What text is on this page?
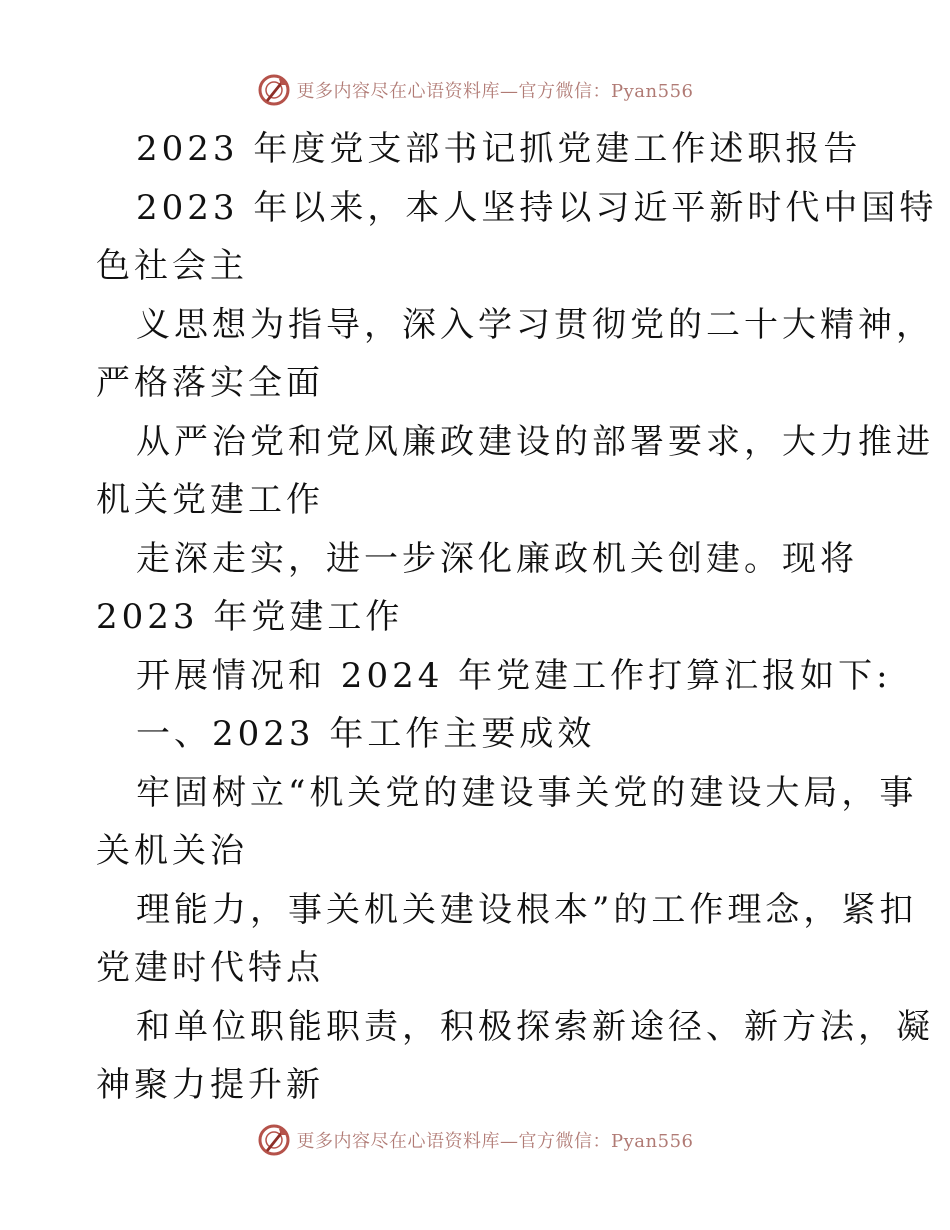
更多内容尽在心语资料库—官方微信：Pyan556
2023 年度党支部书记抓党建工作述职报告
2023 年以来，本人坚持以习近平新时代中国特
色社会主
义思想为指导，深入学习贯彻党的二十大精神，
严格落实全面
从严治党和党风廉政建设的部署要求，大力推进
机关党建工作
走深走实，进一步深化廉政机关创建。现将
2023 年党建工作
开展情况和 2024 年党建工作打算汇报如下:
一、2023 年工作主要成效
牢固树立“机关党的建设事关党的建设大局，事
关机关治
理能力，事关机关建设根本”的工作理念，紧扣
党建时代特点
和单位职能职责，积极探索新途径、新方法，凝
神聚力提升新
更多内容尽在心语资料库—官方微信：Pyan556
